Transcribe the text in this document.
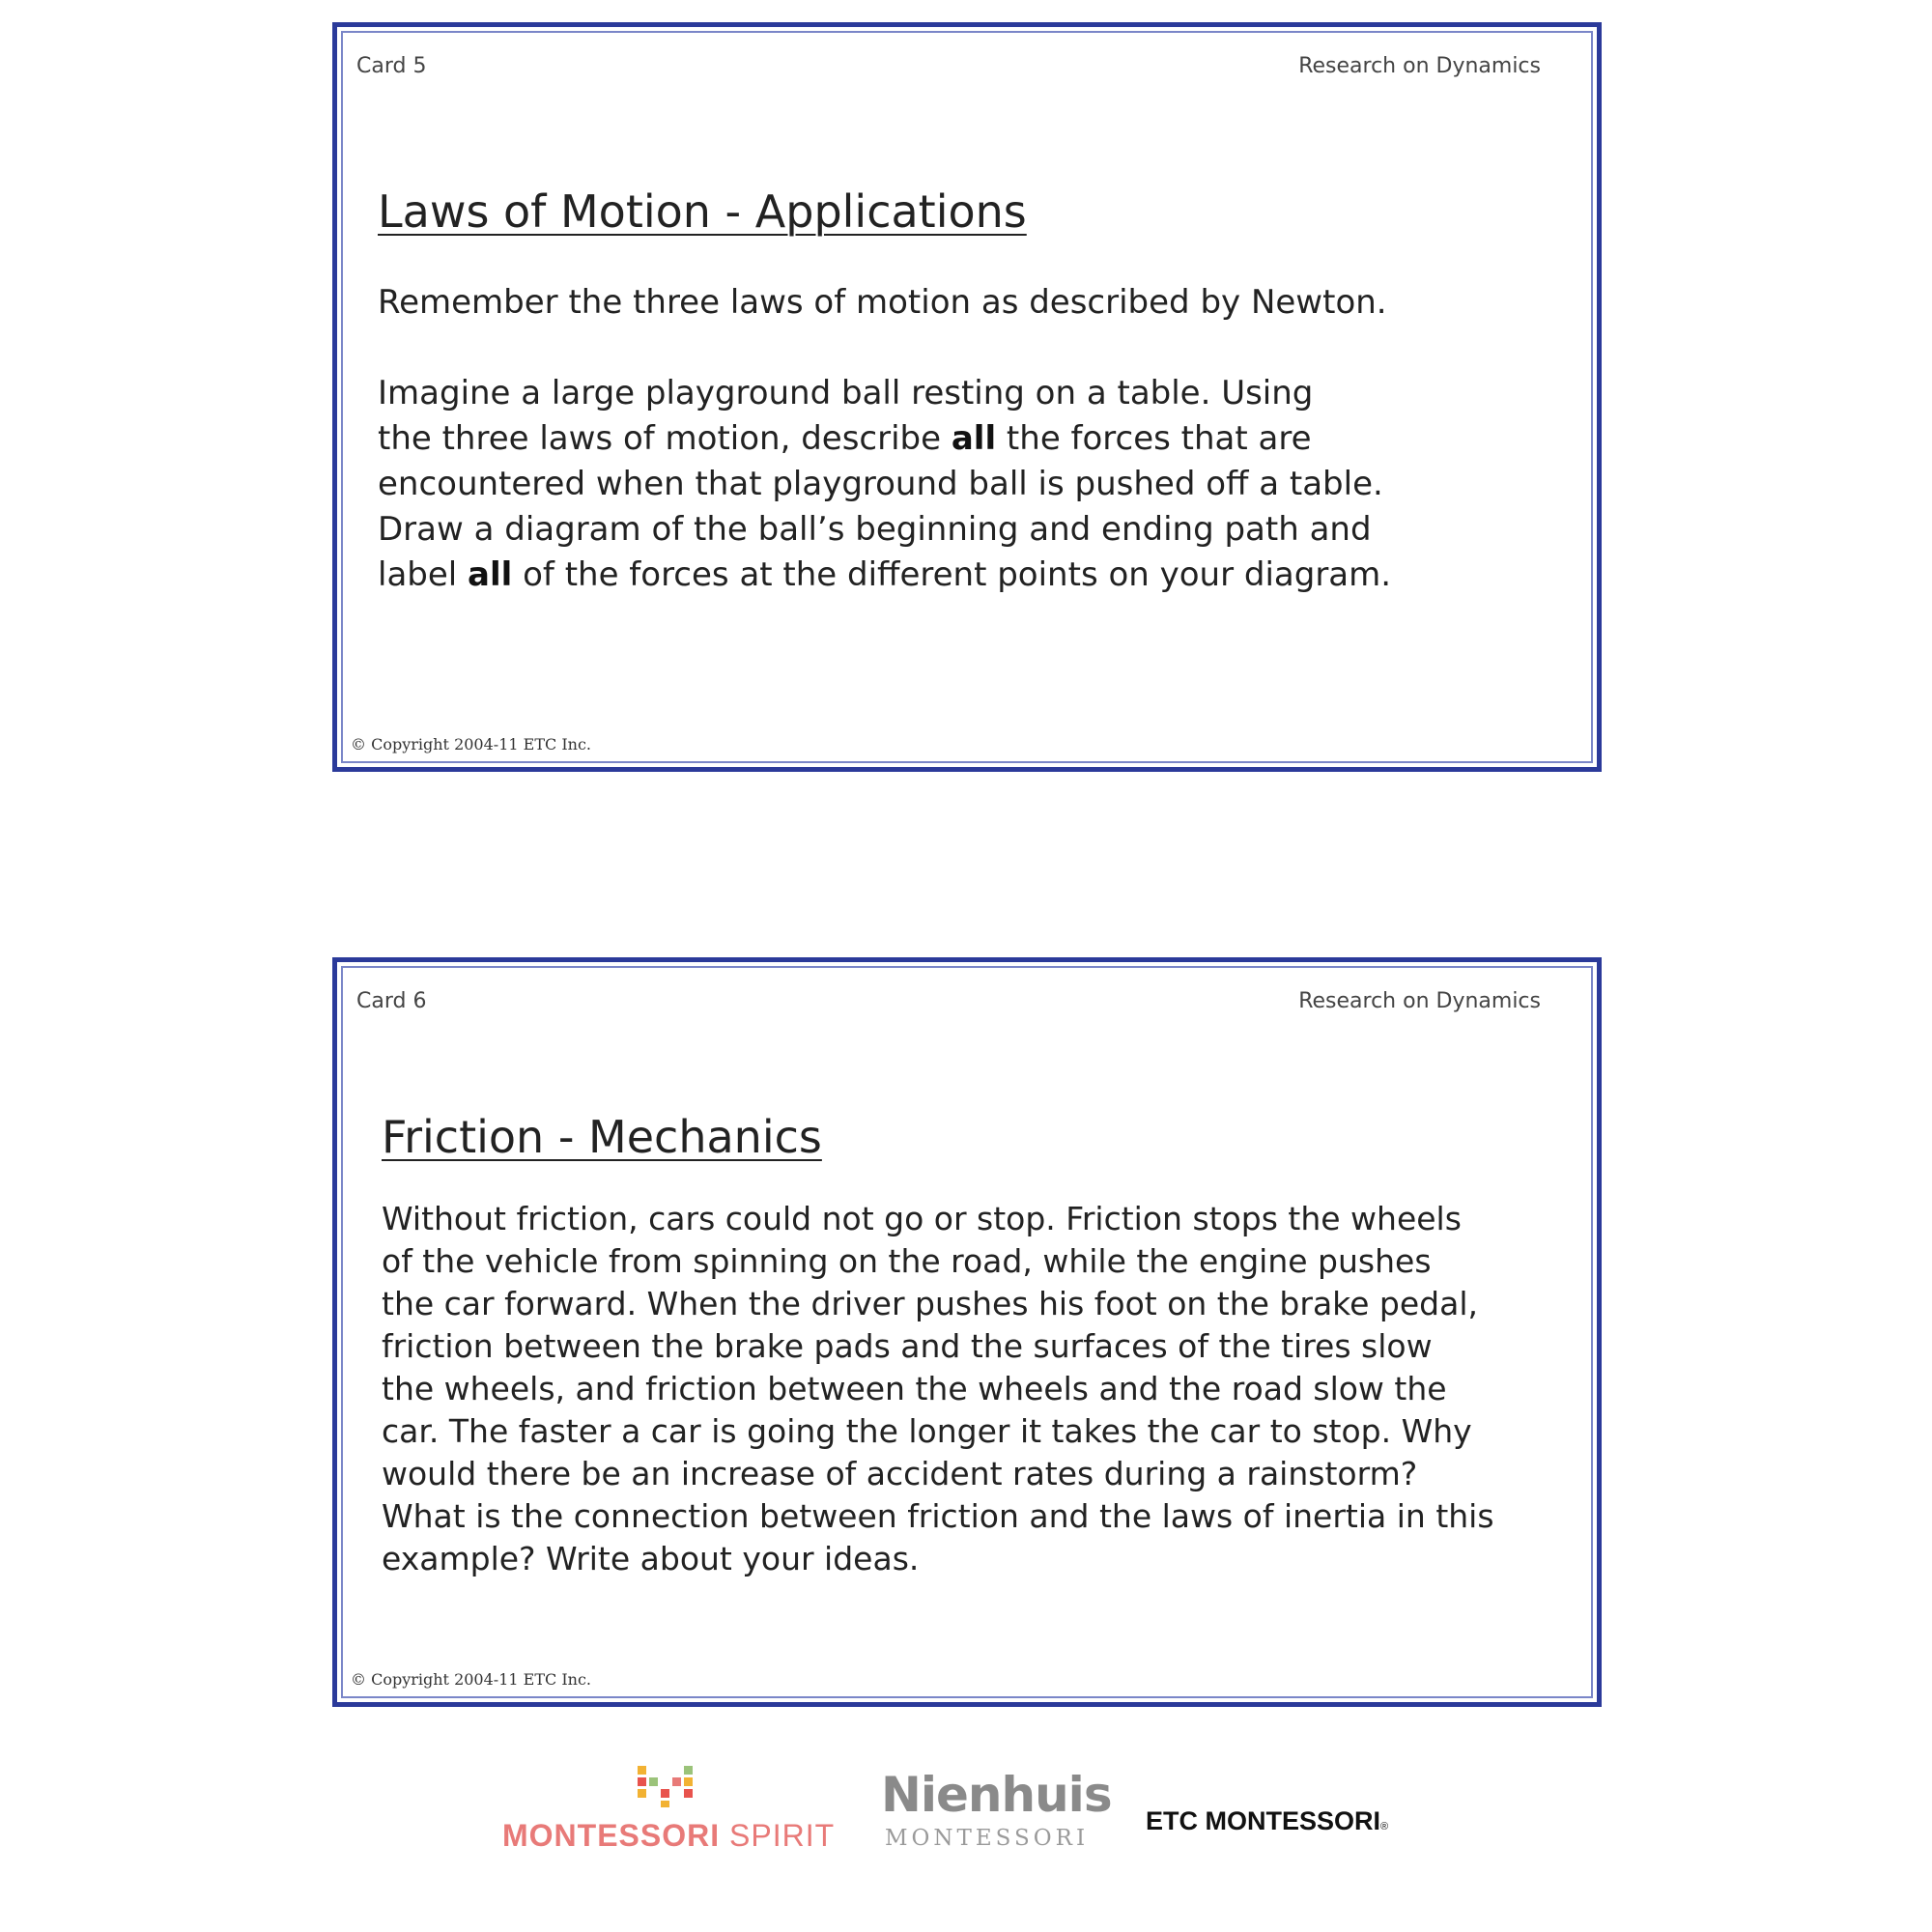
Card 5	Research on Dynamics
Laws of Motion - Applications
Remember the three laws of motion as described by Newton.

Imagine a large playground ball resting on a table. Using

the three laws of motion, describe all the forces that are

encountered when that playground ball is pushed off a table.

Draw a diagram of the ball’s beginning and ending path and

label all of the forces at the different points on your diagram.

© Copyright 2004-11 ETC Inc.
Card 6	Research on Dynamics
Friction - Mechanics

Without friction, cars could not go or stop. Friction stops the wheels

of the vehicle from spinning on the road, while the engine pushes

the car forward. When the driver pushes his foot on the brake pedal,

friction between the brake pads and the surfaces of the tires slow

the wheels, and friction between the wheels and the road slow the

car. The faster a car is going the longer it takes the car to stop. Why

would there be an increase of accident rates during a rainstorm?

What is the connection between friction and the laws of inertia in this

example? Write about your ideas.

© Copyright 2004-11 ETC Inc.
MONTESSORI SPIRIT
Nienhuis
MONTESSORI
ETC MONTESSORI®
